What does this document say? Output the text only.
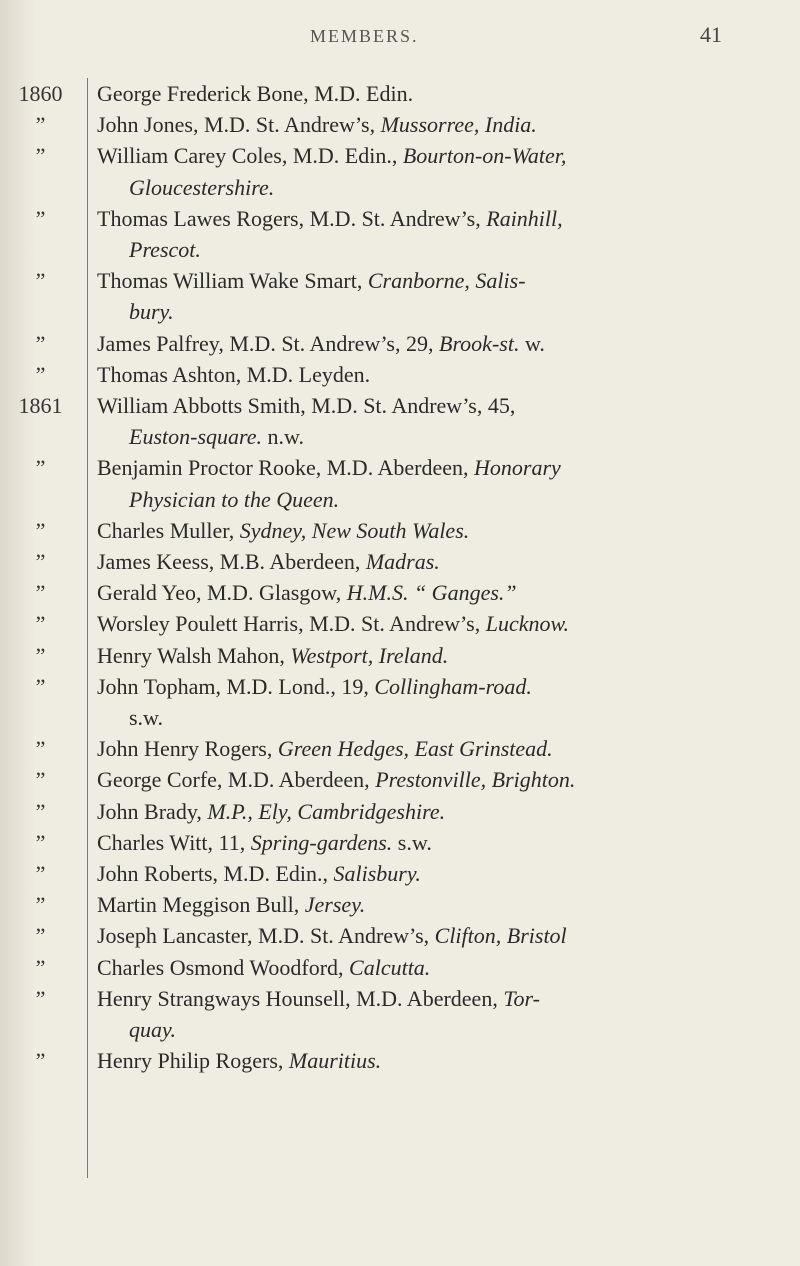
MEMBERS.	41
1860	George Frederick Bone, M.D. Edin.
”	John Jones, M.D. St. Andrew’s, Mussorree, India.
”	William Carey Coles, M.D. Edin., Bourton-on-Water,
Gloucestershire.
”	Thomas Lawes Rogers, M.D. St. Andrew’s, Rainhill,
Prescot.
”	Thomas William Wake Smart, Cranborne, Salis-
bury.
”	James Palfrey, M.D. St. Andrew’s, 29, Brook-st. w.
”	Thomas Ashton, M.D. Leyden.
1861	William Abbotts Smith, M.D. St. Andrew’s, 45,
Euston-square. n.w.
”	Benjamin Proctor Rooke, M.D. Aberdeen, Honorary
Physician to the Queen.
”	Charles Muller, Sydney, New South Wales.
”	James Keess, M.B. Aberdeen, Madras.
”	Gerald Yeo, M.D. Glasgow, H.M.S. “ Ganges.”
”	Worsley Poulett Harris, M.D. St. Andrew’s, Lucknow.
”	Henry Walsh Mahon, Westport, Ireland.
”	John Topham, M.D. Lond., 19, Collingham-road.
s.w.
”	John Henry Rogers, Green Hedges, East Grinstead.
”	George Corfe, M.D. Aberdeen, Prestonville, Brighton.
”	John Brady, M.P., Ely, Cambridgeshire.
”	Charles Witt, 11, Spring-gardens. s.w.
”	John Roberts, M.D. Edin., Salisbury.
”	Martin Meggison Bull, Jersey.
”	Joseph Lancaster, M.D. St. Andrew’s, Clifton, Bristol
”	Charles Osmond Woodford, Calcutta.
”	Henry Strangways Hounsell, M.D. Aberdeen, Tor-
quay.
”	Henry Philip Rogers, Mauritius.
